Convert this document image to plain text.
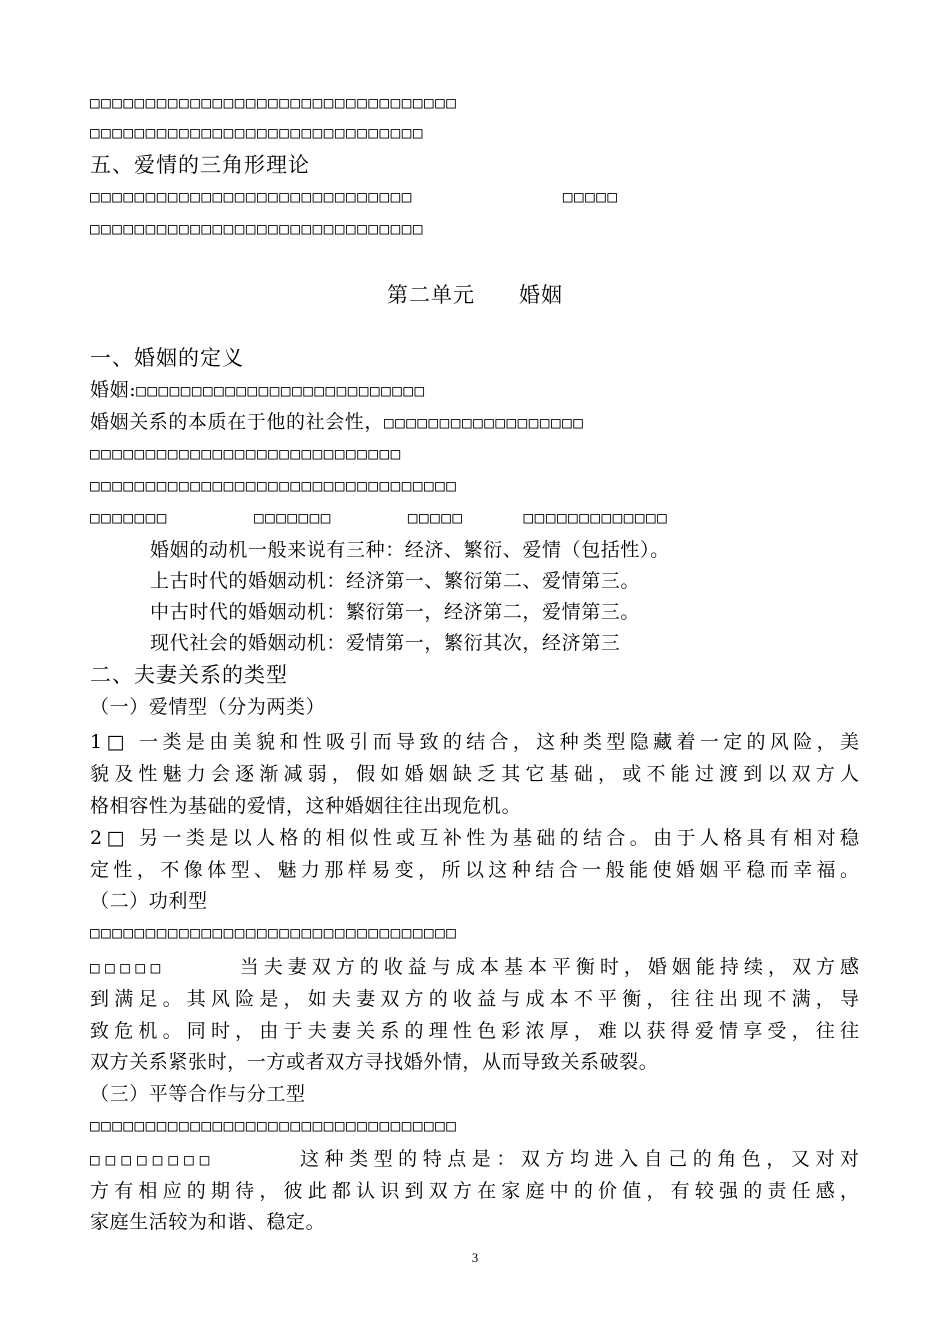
□□□□□□□□□□□□□□□□□□□□□□□□□□□□□□□□□
□□□□□□□□□□□□□□□□□□□□□□□□□□□□□□
五、爱情的三角形理论
□□□□□□□□□□□□□□□□□□□□□□□□□□□□□	□□□□□
□□□□□□□□□□□□□□□□□□□□□□□□□□□□□□
第二单元 婚姻
一、婚姻的定义
婚姻:□□□□□□□□□□□□□□□□□□□□□□□□□□
婚姻关系的本质在于他的社会性，□□□□□□□□□□□□□□□□□□
□□□□□□□□□□□□□□□□□□□□□□□□□□□□
□□□□□□□□□□□□□□□□□□□□□□□□□□□□□□□□□
□□□□□□□	□□□□□□□	□□□□□	□□□□□□□□□□□□□
婚姻的动机一般来说有三种：经济、繁衍、爱情（包括性）。
上古时代的婚姻动机：经济第一、繁衍第二、爱情第三。
中古时代的婚姻动机：繁衍第一，经济第二，爱情第三。
现代社会的婚姻动机：爱情第一，繁衍其次，经济第三
二、夫妻关系的类型
（一）爱情型（分为两类）
1□ 一类是由美貌和性吸引而导致的结合，这种类型隐藏着一定的风险，美
貌及性魅力会逐渐减弱，假如婚姻缺乏其它基础，或不能过渡到以双方人
格相容性为基础的爱情，这种婚姻往往出现危机。
2□ 另一类是以人格的相似性或互补性为基础的结合。由于人格具有相对稳
定性，不像体型、魅力那样易变，所以这种结合一般能使婚姻平稳而幸福。
（二）功利型
□□□□□□□□□□□□□□□□□□□□□□□□□□□□□□□□□
□□□□□	当夫妻双方的收益与成本基本平衡时，婚姻能持续，双方感
到满足。其风险是，如夫妻双方的收益与成本不平衡，往往出现不满，导
致危机。同时，由于夫妻关系的理性色彩浓厚，难以获得爱情享受，往往
双方关系紧张时，一方或者双方寻找婚外情，从而导致关系破裂。
（三）平等合作与分工型
□□□□□□□□□□□□□□□□□□□□□□□□□□□□□□□□□
□□□□□□□□	这种类型的特点是：双方均进入自己的角色，又对对
方有相应的期待，彼此都认识到双方在家庭中的价值，有较强的责任感，
家庭生活较为和谐、稳定。
3
